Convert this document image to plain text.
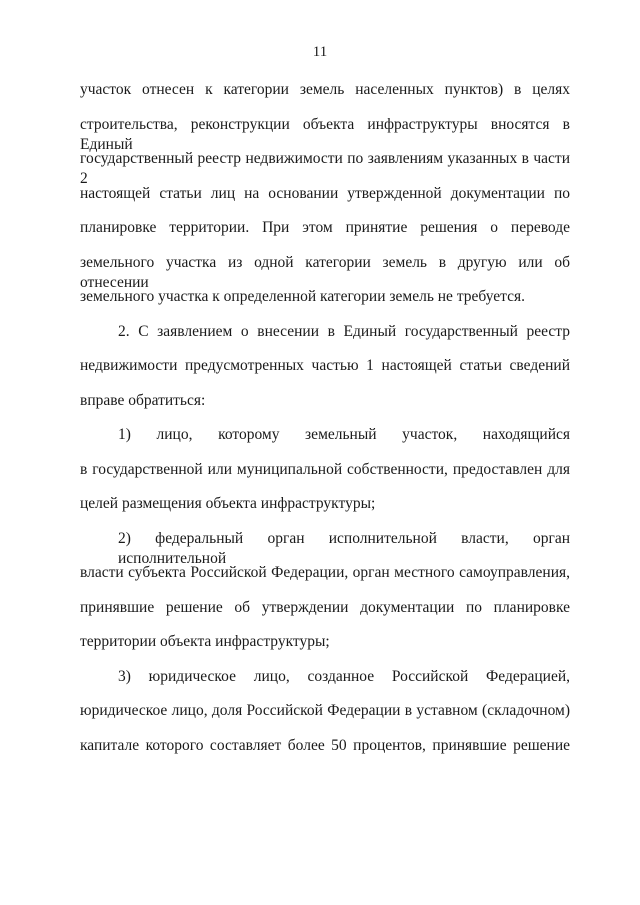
11
участок отнесен к категории земель населенных пунктов) в целях
строительства, реконструкции объекта инфраструктуры вносятся в Единый
государственный реестр недвижимости по заявлениям указанных в части 2
настоящей статьи лиц на основании утвержденной документации по
планировке территории. При этом принятие решения о переводе
земельного участка из одной категории земель в другую или об отнесении
земельного участка к определенной категории земель не требуется.
2. С заявлением о внесении в Единый государственный реестр
недвижимости предусмотренных частью 1 настоящей статьи сведений
вправе обратиться:
1) лицо, которому земельный участок, находящийся
в государственной или муниципальной собственности, предоставлен для
целей размещения объекта инфраструктуры;
2) федеральный орган исполнительной власти, орган исполнительной
власти субъекта Российской Федерации, орган местного самоуправления,
принявшие решение об утверждении документации по планировке
территории объекта инфраструктуры;
3) юридическое лицо, созданное Российской Федерацией,
юридическое лицо, доля Российской Федерации в уставном (складочном)
капитале которого составляет более 50 процентов, принявшие решение
